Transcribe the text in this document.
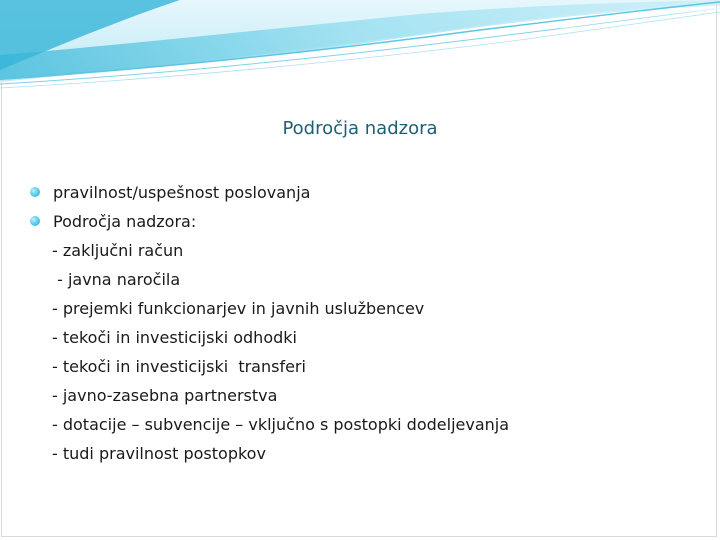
Področja nadzora
pravilnost/uspešnost poslovanja
Področja nadzora:
- zaključni račun
- javna naročila
- prejemki funkcionarjev in javnih uslužbencev
- tekoči in investicijski odhodki
- tekoči in investicijski  transferi
- javno-zasebna partnerstva
- dotacije – subvencije – vključno s postopki dodeljevanja
- tudi pravilnost postopkov
